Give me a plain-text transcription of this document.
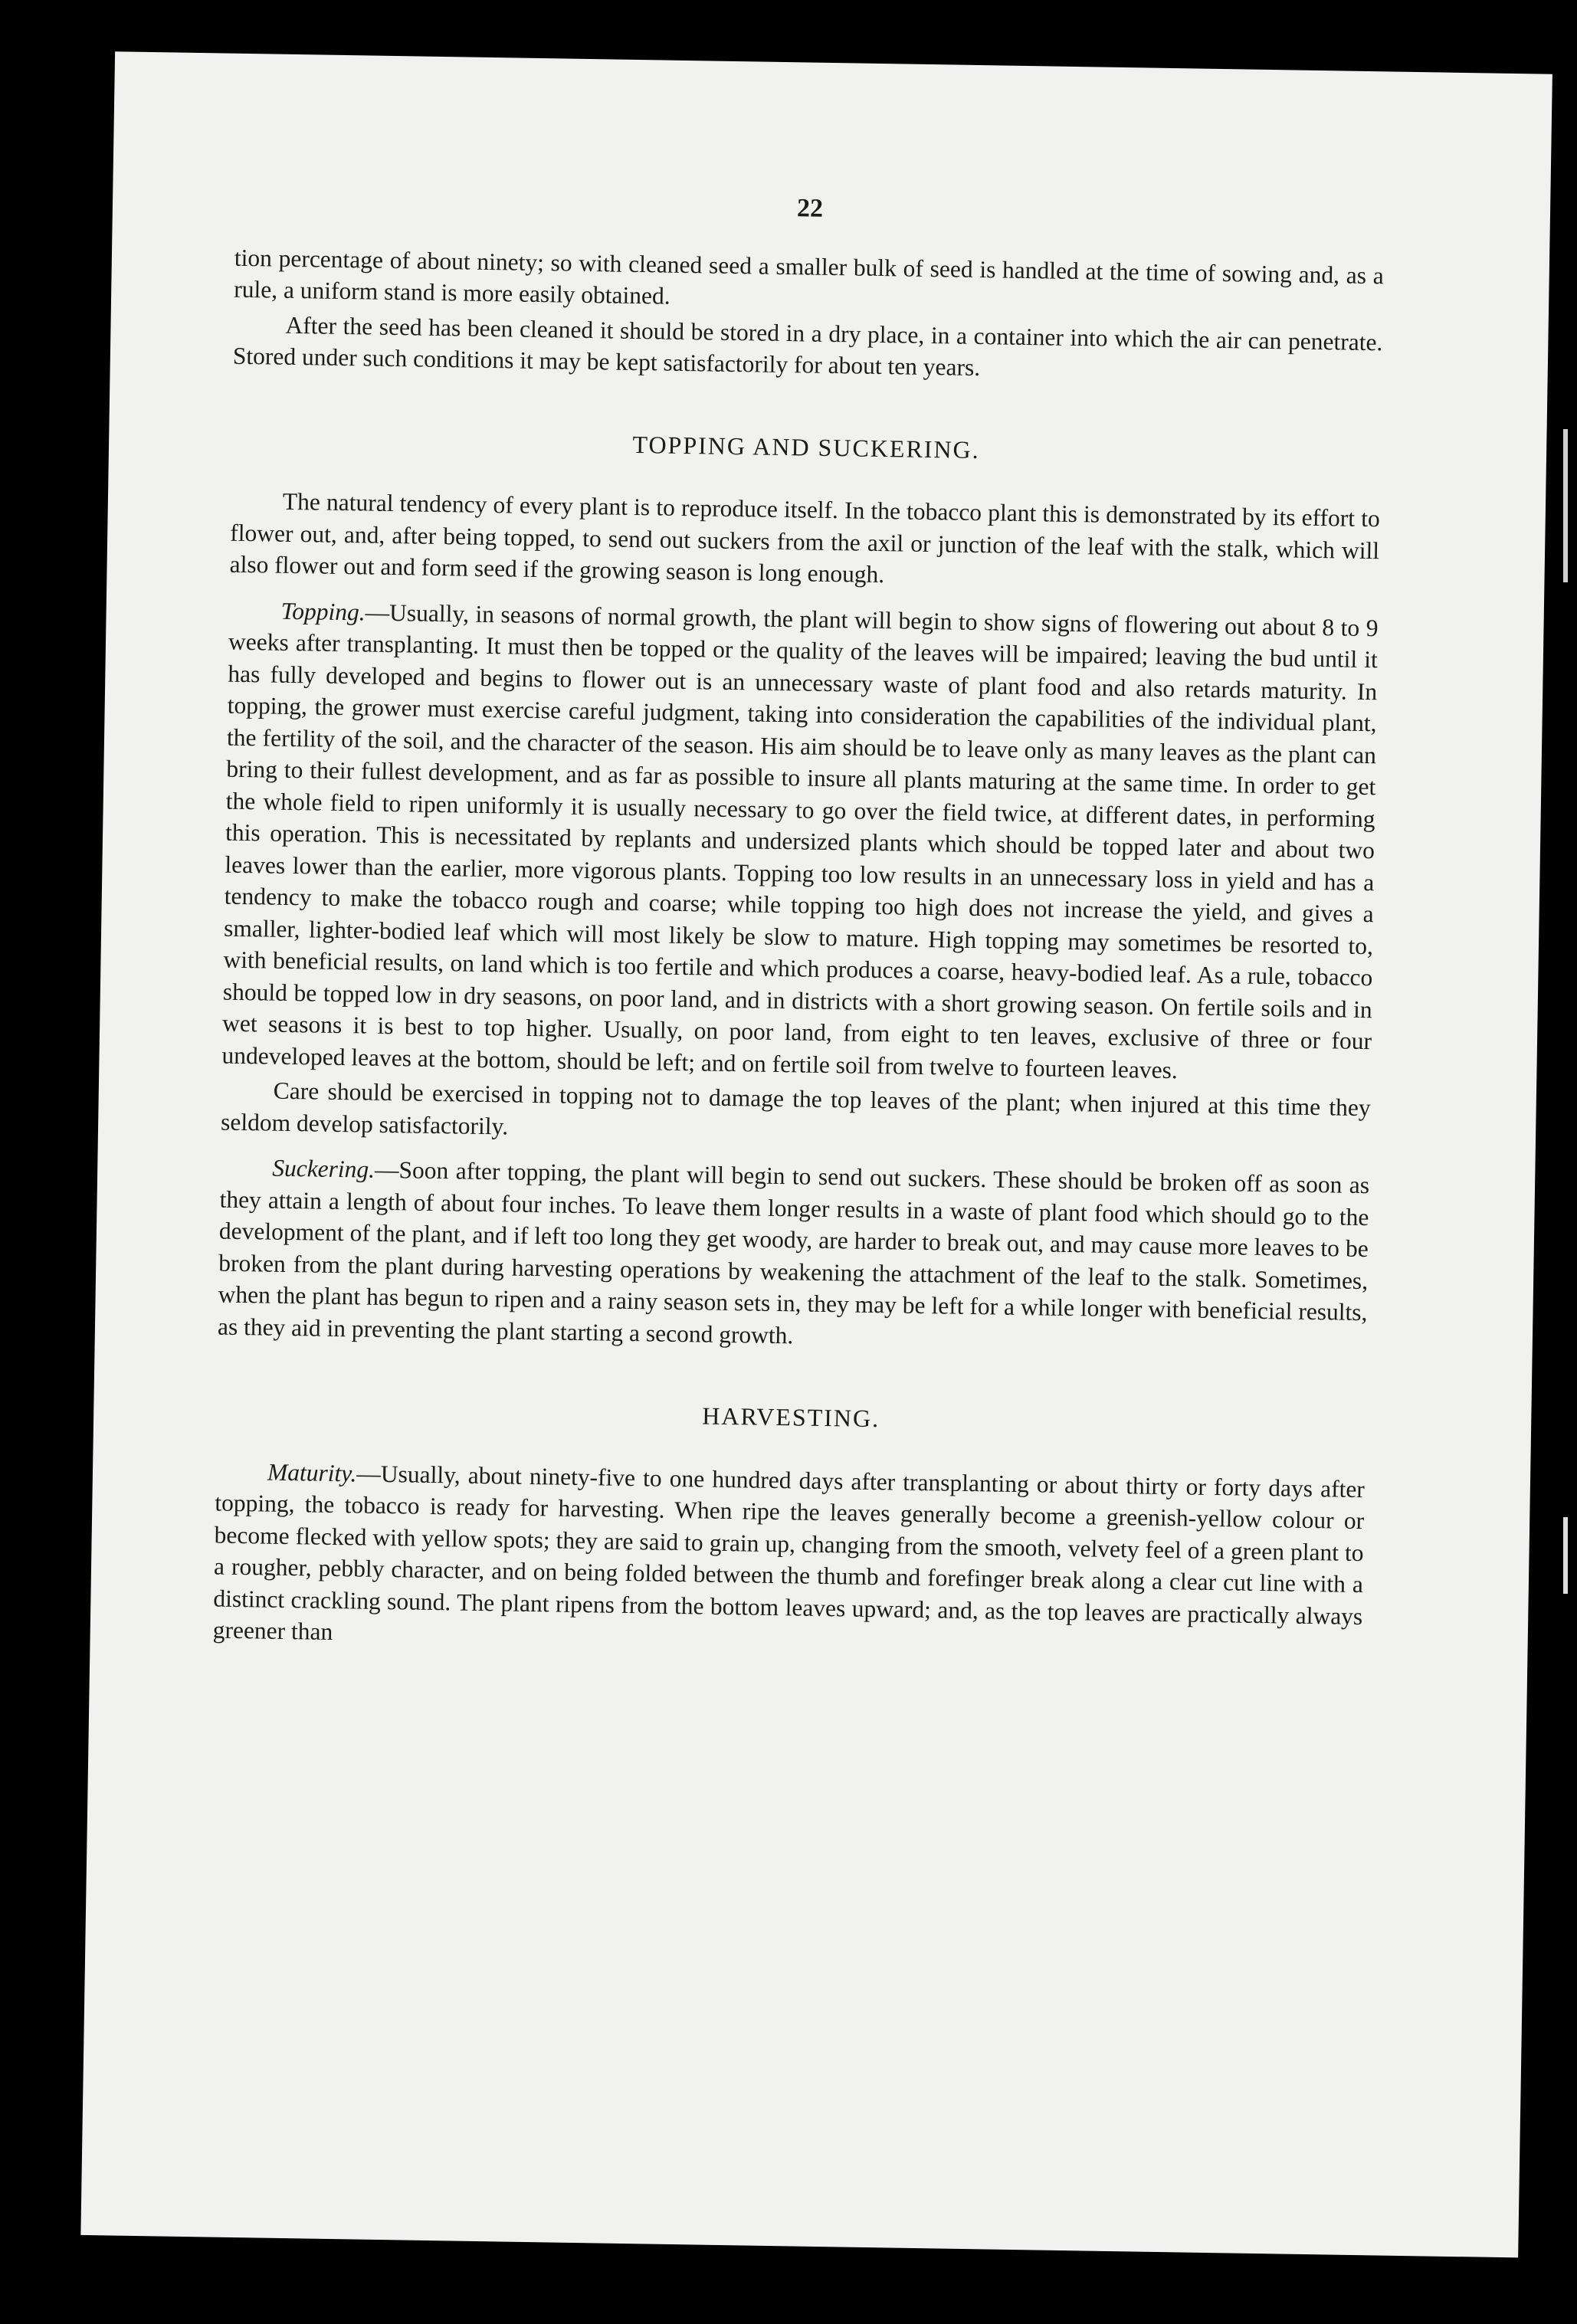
22

tion percentage of about ninety; so with cleaned seed a smaller bulk of seed is handled at the time of sowing and, as a rule, a uniform stand is more easily obtained.

After the seed has been cleaned it should be stored in a dry place, in a container into which the air can penetrate. Stored under such conditions it may be kept satisfactorily for about ten years.

TOPPING AND SUCKERING.

The natural tendency of every plant is to reproduce itself. In the tobacco plant this is demonstrated by its effort to flower out, and, after being topped, to send out suckers from the axil or junction of the leaf with the stalk, which will also flower out and form seed if the growing season is long enough.

Topping.—Usually, in seasons of normal growth, the plant will begin to show signs of flowering out about 8 to 9 weeks after transplanting. It must then be topped or the quality of the leaves will be impaired; leaving the bud until it has fully developed and begins to flower out is an unnecessary waste of plant food and also retards maturity. In topping, the grower must exercise careful judgment, taking into consideration the capabilities of the individual plant, the fertility of the soil, and the character of the season. His aim should be to leave only as many leaves as the plant can bring to their fullest development, and as far as possible to insure all plants maturing at the same time. In order to get the whole field to ripen uniformly it is usually necessary to go over the field twice, at different dates, in performing this operation. This is necessitated by replants and undersized plants which should be topped later and about two leaves lower than the earlier, more vigorous plants. Topping too low results in an unnecessary loss in yield and has a tendency to make the tobacco rough and coarse; while topping too high does not increase the yield, and gives a smaller, lighter-bodied leaf which will most likely be slow to mature. High topping may sometimes be resorted to, with beneficial results, on land which is too fertile and which produces a coarse, heavy-bodied leaf. As a rule, tobacco should be topped low in dry seasons, on poor land, and in districts with a short growing season. On fertile soils and in wet seasons it is best to top higher. Usually, on poor land, from eight to ten leaves, exclusive of three or four undeveloped leaves at the bottom, should be left; and on fertile soil from twelve to fourteen leaves.

Care should be exercised in topping not to damage the top leaves of the plant; when injured at this time they seldom develop satisfactorily.

Suckering.—Soon after topping, the plant will begin to send out suckers. These should be broken off as soon as they attain a length of about four inches. To leave them longer results in a waste of plant food which should go to the development of the plant, and if left too long they get woody, are harder to break out, and may cause more leaves to be broken from the plant during harvesting operations by weakening the attachment of the leaf to the stalk. Sometimes, when the plant has begun to ripen and a rainy season sets in, they may be left for a while longer with beneficial results, as they aid in preventing the plant starting a second growth.

HARVESTING.

Maturity.—Usually, about ninety-five to one hundred days after transplanting or about thirty or forty days after topping, the tobacco is ready for harvesting. When ripe the leaves generally become a greenish-yellow colour or become flecked with yellow spots; they are said to grain up, changing from the smooth, velvety feel of a green plant to a rougher, pebbly character, and on being folded between the thumb and forefinger break along a clear cut line with a distinct crackling sound. The plant ripens from the bottom leaves upward; and, as the top leaves are practically always greener than
